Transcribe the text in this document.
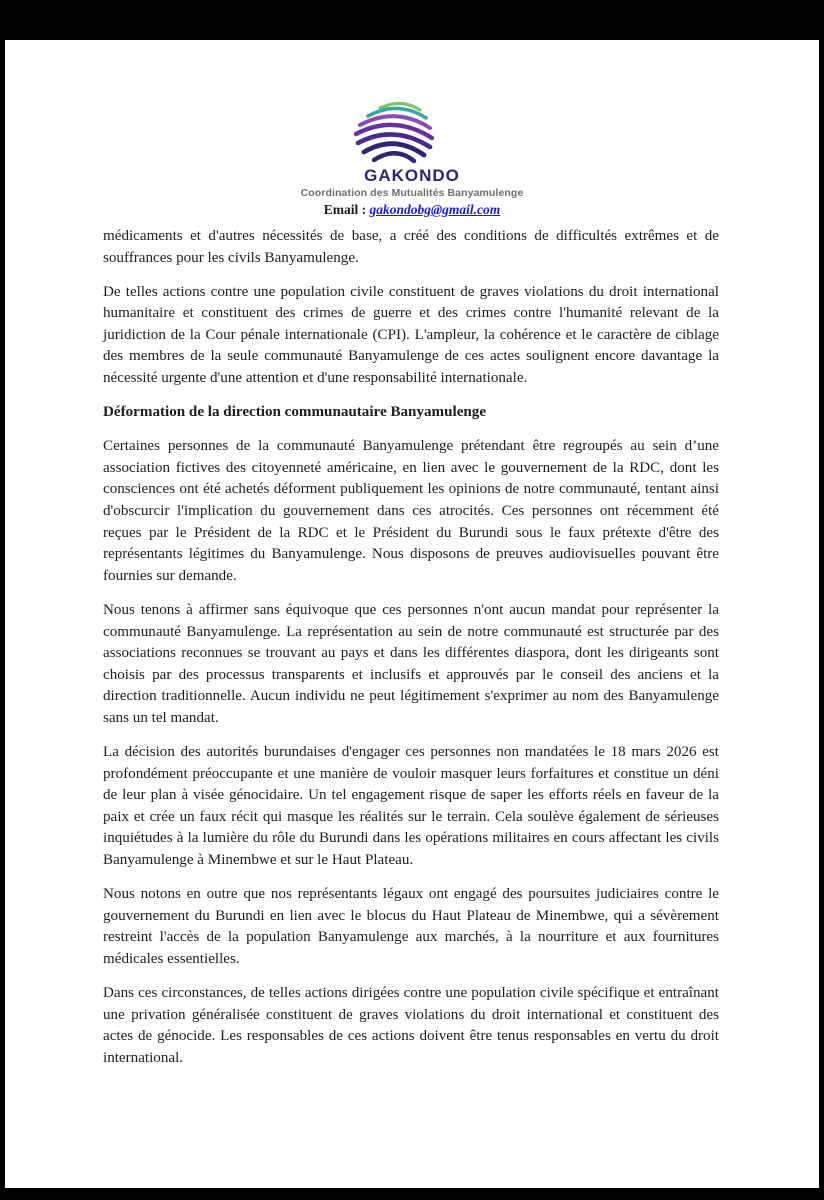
GAKONDO
Coordination des Mutualités Banyamulenge
Email : gakondobg@gmail.com

médicaments et d'autres nécessités de base, a créé des conditions de difficultés extrêmes et de souffrances pour les civils Banyamulenge.

De telles actions contre une population civile constituent de graves violations du droit international humanitaire et constituent des crimes de guerre et des crimes contre l'humanité relevant de la juridiction de la Cour pénale internationale (CPI). L'ampleur, la cohérence et le caractère de ciblage des membres de la seule communauté Banyamulenge de ces actes soulignent encore davantage la nécessité urgente d'une attention et d'une responsabilité internationale.

Déformation de la direction communautaire Banyamulenge

Certaines personnes de la communauté Banyamulenge prétendant être regroupés au sein d’une association fictives des citoyenneté américaine, en lien avec le gouvernement de la RDC, dont les consciences ont été achetés déforment publiquement les opinions de notre communauté, tentant ainsi d'obscurcir l'implication du gouvernement dans ces atrocités. Ces personnes ont récemment été reçues par le Président de la RDC et le Président du Burundi sous le faux prétexte d'être des représentants légitimes du Banyamulenge. Nous disposons de preuves audiovisuelles pouvant être fournies sur demande.

Nous tenons à affirmer sans équivoque que ces personnes n'ont aucun mandat pour représenter la communauté Banyamulenge. La représentation au sein de notre communauté est structurée par des associations reconnues se trouvant au pays et dans les différentes diaspora, dont les dirigeants sont choisis par des processus transparents et inclusifs et approuvés par le conseil des anciens et la direction traditionnelle. Aucun individu ne peut légitimement s'exprimer au nom des Banyamulenge sans un tel mandat.

La décision des autorités burundaises d'engager ces personnes non mandatées le 18 mars 2026 est profondément préoccupante et une manière de vouloir masquer leurs forfaitures et constitue un déni de leur plan à visée génocidaire. Un tel engagement risque de saper les efforts réels en faveur de la paix et crée un faux récit qui masque les réalités sur le terrain. Cela soulève également de sérieuses inquiétudes à la lumière du rôle du Burundi dans les opérations militaires en cours affectant les civils Banyamulenge à Minembwe et sur le Haut Plateau.

Nous notons en outre que nos représentants légaux ont engagé des poursuites judiciaires contre le gouvernement du Burundi en lien avec le blocus du Haut Plateau de Minembwe, qui a sévèrement restreint l'accès de la population Banyamulenge aux marchés, à la nourriture et aux fournitures médicales essentielles.

Dans ces circonstances, de telles actions dirigées contre une population civile spécifique et entraînant une privation généralisée constituent de graves violations du droit international et constituent des actes de génocide. Les responsables de ces actions doivent être tenus responsables en vertu du droit international.
